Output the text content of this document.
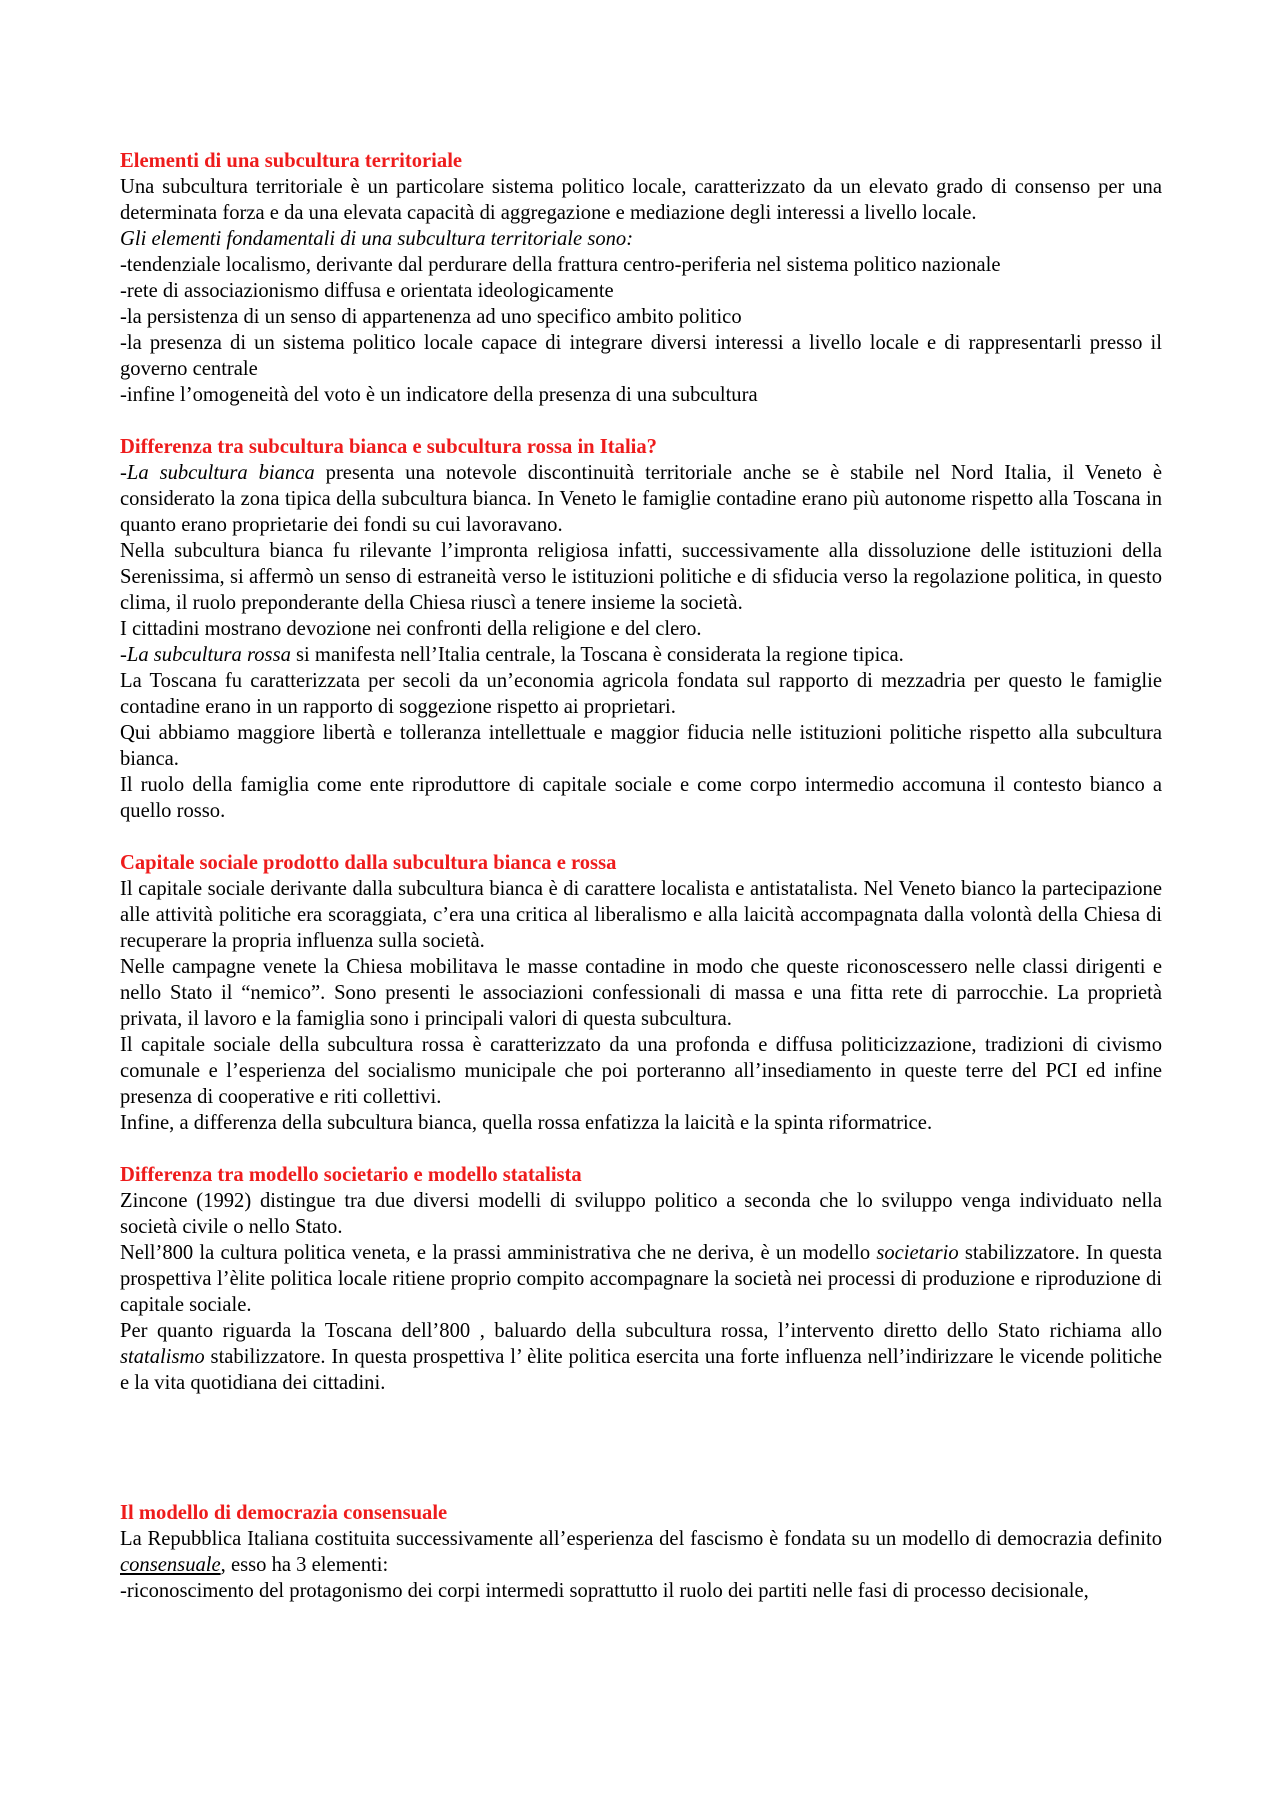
Elementi di una subcultura territoriale

Una subcultura territoriale è un particolare sistema politico locale, caratterizzato da un elevato grado di consenso per una determinata forza e da una elevata capacità di aggregazione e mediazione degli interessi a livello locale.

Gli elementi fondamentali di una subcultura territoriale sono:

-tendenziale localismo, derivante dal perdurare della frattura centro-periferia nel sistema politico nazionale

-rete di associazionismo diffusa e orientata ideologicamente

-la persistenza di un senso di appartenenza ad uno specifico ambito politico

-la presenza di un sistema politico locale capace di integrare diversi interessi a livello locale e di rappresentarli presso il governo centrale

-infine l’omogeneità del voto è un indicatore della presenza di una subcultura

Differenza tra subcultura bianca e subcultura rossa in Italia?

-La subcultura bianca presenta una notevole discontinuità territoriale anche se è stabile nel Nord Italia, il Veneto è considerato la zona tipica della subcultura bianca. In Veneto le famiglie contadine erano più autonome rispetto alla Toscana in quanto erano proprietarie dei fondi su cui lavoravano.

Nella subcultura bianca fu rilevante l’impronta religiosa infatti, successivamente alla dissoluzione delle istituzioni della Serenissima, si affermò un senso di estraneità verso le istituzioni politiche e di sfiducia verso la regolazione politica, in questo clima, il ruolo preponderante della Chiesa riuscì a tenere insieme la società.

I cittadini mostrano devozione nei confronti della religione e del clero.

-La subcultura rossa si manifesta nell’Italia centrale, la Toscana è considerata la regione tipica.

La Toscana fu caratterizzata per secoli da un’economia agricola fondata sul rapporto di mezzadria per questo le famiglie contadine erano in un rapporto di soggezione rispetto ai proprietari.

Qui abbiamo maggiore libertà e tolleranza intellettuale e maggior fiducia nelle istituzioni politiche rispetto alla subcultura bianca.

Il ruolo della famiglia come ente riproduttore di capitale sociale e come corpo intermedio accomuna il contesto bianco a quello rosso.

Capitale sociale prodotto dalla subcultura bianca e rossa

Il capitale sociale derivante dalla subcultura bianca è di carattere localista e antistatalista. Nel Veneto bianco la partecipazione alle attività politiche era scoraggiata, c’era una critica al liberalismo e alla laicità accompagnata dalla volontà della Chiesa di recuperare la propria influenza sulla società.

Nelle campagne venete la Chiesa mobilitava le masse contadine in modo che queste riconoscessero nelle classi dirigenti e nello Stato il “nemico”. Sono presenti le associazioni confessionali di massa e una fitta rete di parrocchie. La proprietà privata, il lavoro e la famiglia sono i principali valori di questa subcultura.

Il capitale sociale della subcultura rossa è caratterizzato da una profonda e diffusa politicizzazione, tradizioni di civismo comunale e l’esperienza del socialismo municipale che poi porteranno all’insediamento in queste terre del PCI ed infine presenza di cooperative e riti collettivi.

Infine, a differenza della subcultura bianca, quella rossa enfatizza la laicità e la spinta riformatrice.

Differenza tra modello societario e modello statalista

Zincone (1992) distingue tra due diversi modelli di sviluppo politico a seconda che lo sviluppo venga individuato nella società civile o nello Stato.

Nell’800 la cultura politica veneta, e la prassi amministrativa che ne deriva, è un modello societario stabilizzatore. In questa prospettiva l’èlite politica locale ritiene proprio compito accompagnare la società nei processi di produzione e riproduzione di capitale sociale.

Per quanto riguarda la Toscana dell’800 , baluardo della subcultura rossa, l’intervento diretto dello Stato richiama allo statalismo stabilizzatore. In questa prospettiva l’ èlite politica esercita una forte influenza nell’indirizzare le vicende politiche e la vita quotidiana dei cittadini.

Il modello di democrazia consensuale

La Repubblica Italiana costituita successivamente all’esperienza del fascismo è fondata su un modello di democrazia definito consensuale, esso ha 3 elementi:

-riconoscimento del protagonismo dei corpi intermedi soprattutto il ruolo dei partiti nelle fasi di processo decisionale,
